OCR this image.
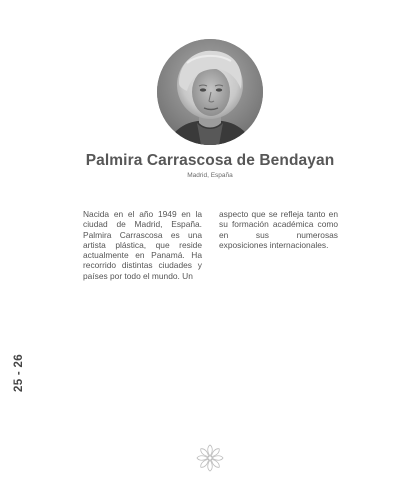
Palmira Carrascosa de Bendayan
Madrid, España
Nacida en el año 1949 en la ciudad de Madrid, España. Palmira Carrascosa es una artista plástica, que reside actualmente en Panamá. Ha recorrido distintas ciudades y países por todo el mundo. Un
aspecto que se refleja tanto en su formación académica como en sus numerosas exposiciones internacionales.
25 - 26
